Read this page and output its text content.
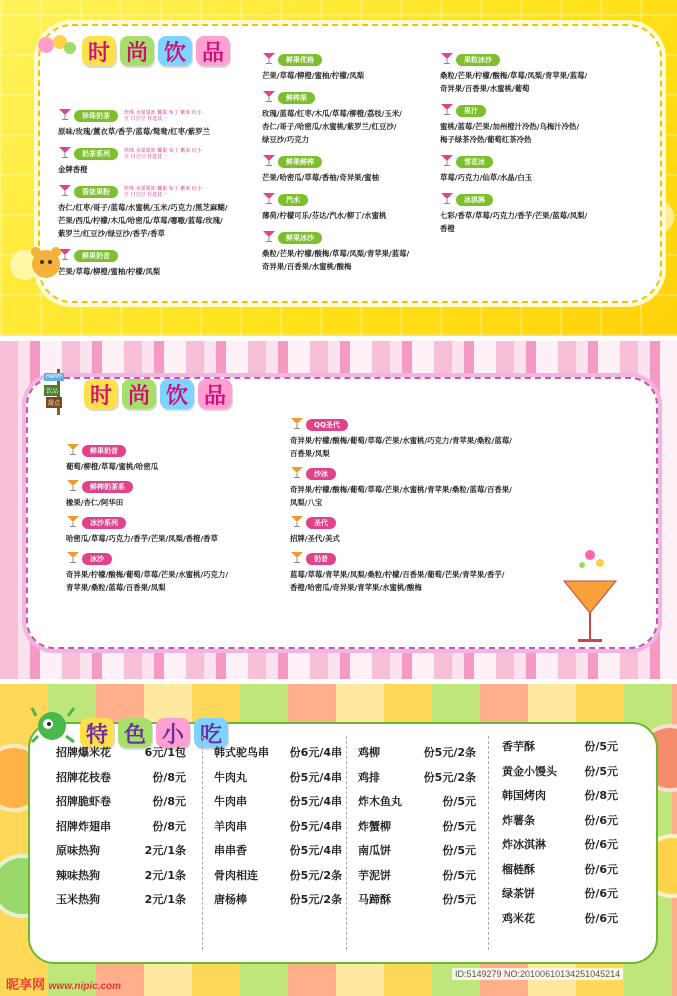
时 尚 饮 品
珍珠奶茶	珍珠 水果果冻 椰果 布丁 紫米 红小豆 日豆豆 任选其一
原味/玫瑰/薰衣草/香芋/蓝莓/鸳鸯/红枣/紫罗兰
奶茶系列	珍珠 水果果冻 椰果 布丁 紫米 红小豆 日豆豆 任选其一
金牌香橙
香浓果粉	珍珠 水果果冻 椰果 布丁 紫米 红小豆 日豆豆 任选其一
杏仁/红枣/哥子/蓝莓/水蜜桃/玉米/巧克力/黑芝麻糊/
芒果/西瓜/柠檬/木瓜/哈密瓜/草莓/哪嗷/蓝莓/玫瑰/
紫罗兰/红豆沙/绿豆沙/香芋/香草
鲜果奶昔
芒果/草莓/柳橙/蜜柚/柠檬/凤梨
鲜果优格
芒果/草莓/柳橙/蜜柚/柠檬/凤梨
鲜榨果
玫瑰/蓝莓/红枣/木瓜/草莓/柳橙/荔枝/玉米/
杏仁/哥子/哈密瓜/水蜜桃/紫罗兰/红豆沙/
绿豆沙/巧克力
鲜果鲜榨
芒果/哈密瓜/草莓/香柚/奇异果/蜜柚
汽水
薄荷/柠檬可乐/芬达/汽水/柳丁/水蜜桃
鲜果冰沙
桑粒/芒果/柠檬/酸梅/草莓/凤梨/青苹果/蓝莓/
奇异果/百香果/水蜜桃/酸梅
果粒冰沙
桑粒/芒果/柠檬/酸梅/草莓/凤梨/青苹果/蓝莓/
奇异果/百香果/水蜜桃/葡萄
果汁
蜜桃/蓝莓/芒果/加州橙汁冷热/乌梅汁冷热/
梅子绿茶冷热/葡萄红茶冷热
雪花冰
草莓/巧克力/仙草/水晶/白玉
冰淇淋
七彩/香草/草莓/巧克力/香芋/芒果/蓝莓/凤梨/
香橙
HAPPY
饮品
甜点 时 尚 饮 品
鲜果奶昔
葡萄/柳橙/草莓/蜜桃/哈密瓜
鲜榨奶茶系
橡果/杏仁/阿华田
冰沙系列
哈密瓜/草莓/巧克力/香芋/芒果/凤梨/香橙/香草
冰沙
奇异果/柠檬/酸梅/葡萄/草莓/芒果/水蜜桃/巧克力/
青苹果/桑粒/蓝莓/百香果/凤梨
QQ圣代
奇异果/柠檬/酸梅/葡萄/草莓/芒果/水蜜桃/巧克力/青苹果/桑粒/蓝莓/
百香果/凤梨
沙冰
奇异果/柠檬/酸梅/葡萄/草莓/芒果/水蜜桃/青苹果/桑粒/蓝莓/百香果/
凤梨/八宝
圣代
招牌/圣代/美式
奶昔
蓝莓/草莓/青苹果/凤梨/桑粒/柠檬/百香果/葡萄/芒果/青苹果/香芋/
香橙/哈密瓜/奇异果/青苹果/水蜜桃/酸梅
特 色 小 吃
招牌爆米花	6元/1包
招牌花枝卷	份/8元
招牌脆虾卷	份/8元
招牌炸翅串	份/8元
原味热狗	2元/1条
辣味热狗	2元/1条
玉米热狗	2元/1条
韩式驼鸟串 份6元/4串
牛肉丸	份5元/4串
牛肉串	份5元/4串
羊肉串	份5元/4串
串串香	份5元/4串
骨肉相连	份5元/2条
唐杨棒	份5元/2条
鸡柳	份5元/2条
鸡排	份5元/2条
炸木鱼丸	份/5元
炸蟹柳	份/5元
南瓜饼	份/5元
芋泥饼	份/5元
马蹄酥	份/5元
香芋酥	份/5元
黄金小馒头 份/5元
韩国烤肉	份/8元
炸薯条	份/6元
炸冰淇淋	份/6元
榴梿酥	份/6元
绿茶饼	份/6元
鸡米花	份/6元
昵享网 www.nipic.com
ID:5149279 NO:20100610134251045214
